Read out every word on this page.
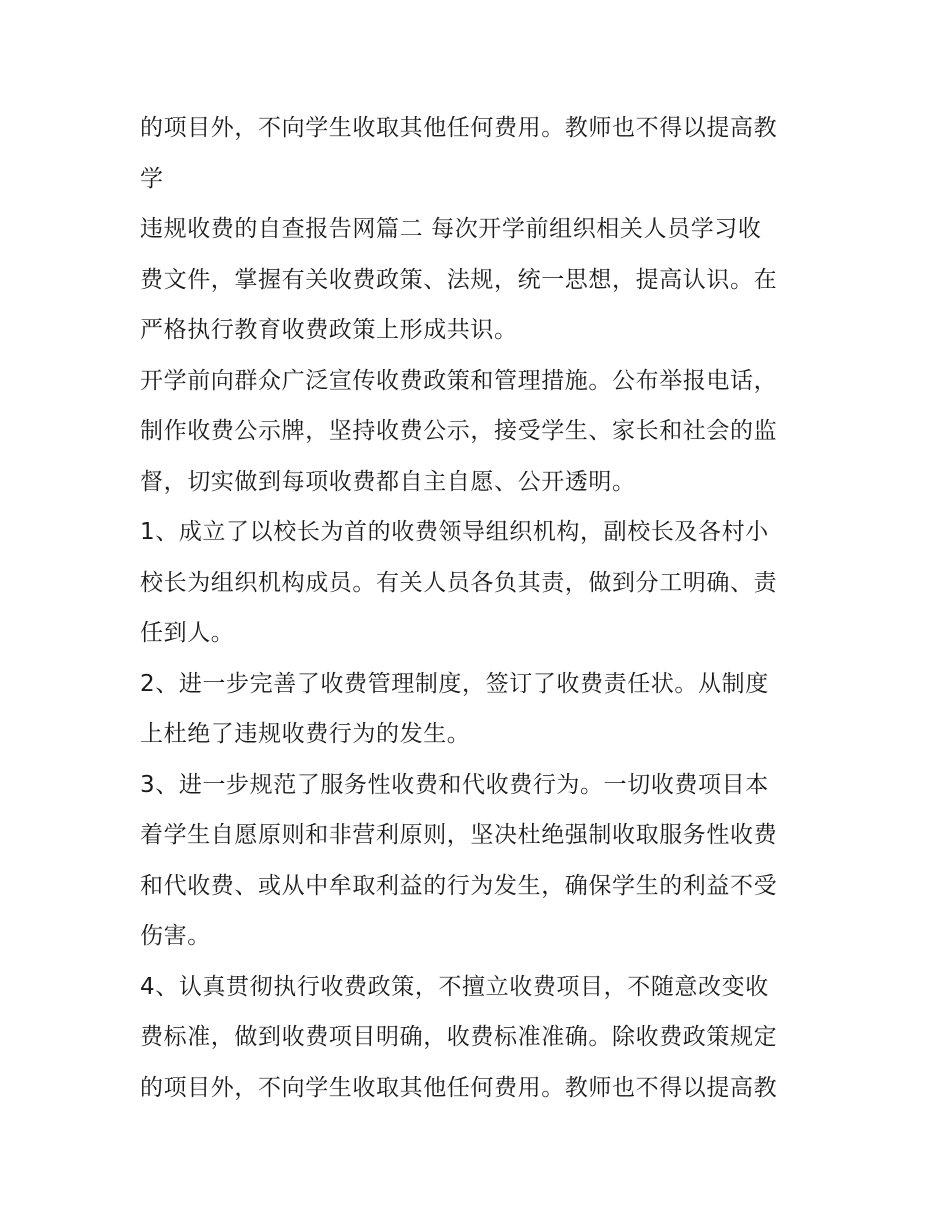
的项目外，不向学生收取其他任何费用。教师也不得以提高教
学

违规收费的自查报告网篇二 每次开学前组织相关人员学习收
费文件，掌握有关收费政策、法规，统一思想，提高认识。在
严格执行教育收费政策上形成共识。

开学前向群众广泛宣传收费政策和管理措施。公布举报电话，
制作收费公示牌，坚持收费公示，接受学生、家长和社会的监
督，切实做到每项收费都自主自愿、公开透明。

1、成立了以校长为首的收费领导组织机构，副校长及各村小
校长为组织机构成员。有关人员各负其责，做到分工明确、责
任到人。

2、进一步完善了收费管理制度，签订了收费责任状。从制度
上杜绝了违规收费行为的发生。

3、进一步规范了服务性收费和代收费行为。一切收费项目本
着学生自愿原则和非营利原则，坚决杜绝强制收取服务性收费
和代收费、或从中牟取利益的行为发生，确保学生的利益不受
伤害。

4、认真贯彻执行收费政策，不擅立收费项目，不随意改变收
费标准，做到收费项目明确，收费标准准确。除收费政策规定
的项目外，不向学生收取其他任何费用。教师也不得以提高教
